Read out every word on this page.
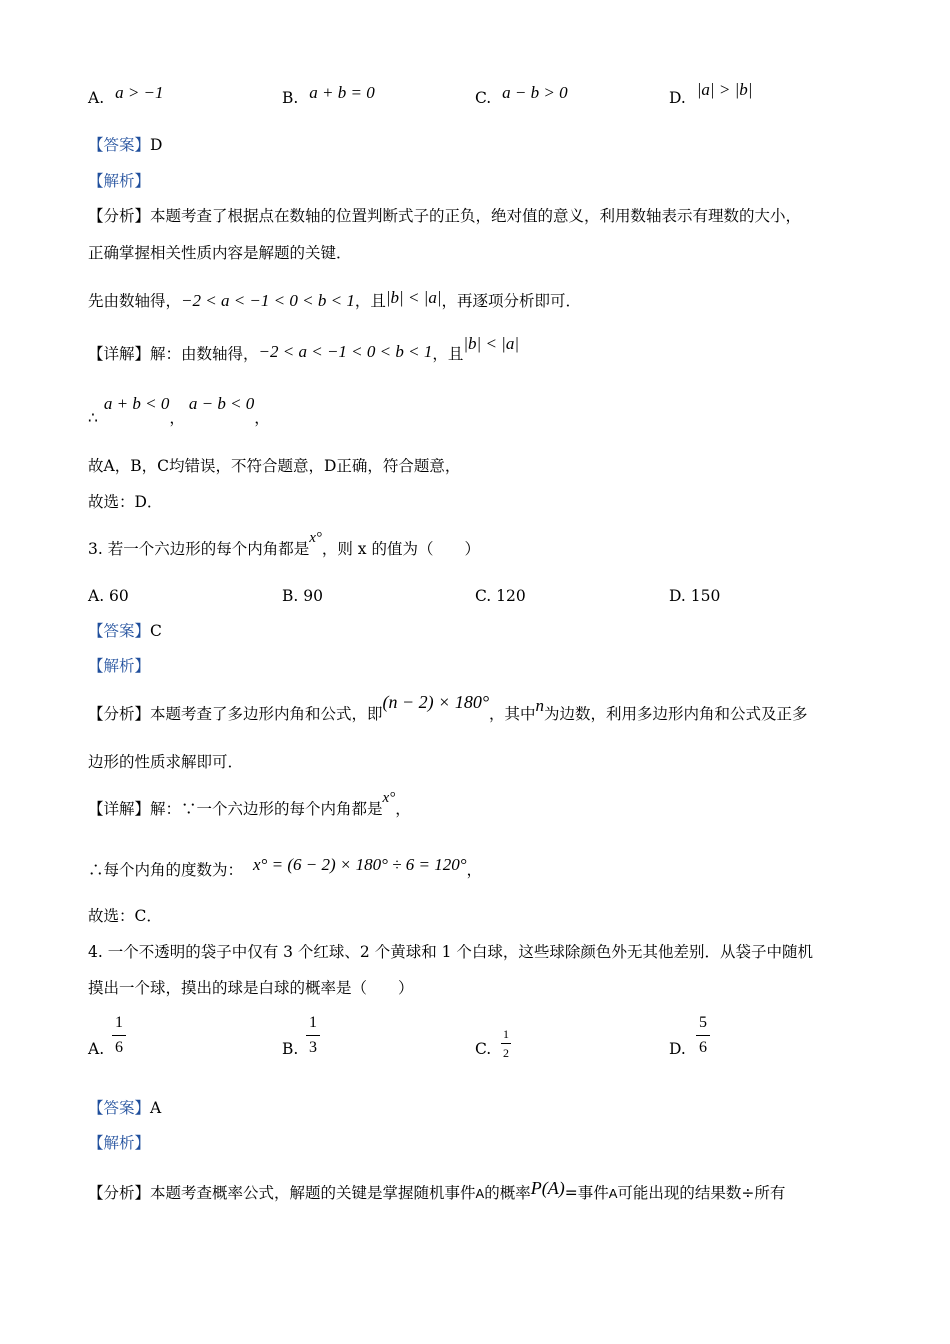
A. a > −1	B. a + b = 0	C. a − b > 0	D. |a| > |b|
【答案】D
【解析】
【分析】本题考查了根据点在数轴的位置判断式子的正负，绝对值的意义，利用数轴表示有理数的大小，
正确掌握相关性质内容是解题的关键．
先由数轴得，−2 < a < −1 < 0 < b < 1，且|b| < |a|，再逐项分析即可．
【详解】解：由数轴得，−2 < a < −1 < 0 < b < 1，且|b| < |a|
∴a + b < 0，a − b < 0，
故A，B，C均错误，不符合题意，D正确，符合题意，
故选：D．
3. 若一个六边形的每个内角都是x°，则 x 的值为（　　）
A. 60	B. 90	C. 120	D. 150
【答案】C
【解析】
【分析】本题考查了多边形内角和公式，即(n − 2) × 180°，其中n为边数，利用多边形内角和公式及正多
边形的性质求解即可．
【详解】解：∵一个六边形的每个内角都是x°，
∴每个内角的度数为： x° = (6 − 2) × 180° ÷ 6 = 120°，
故选：C．
4. 一个不透明的袋子中仅有 3 个红球、2 个黄球和 1 个白球，这些球除颜色外无其他差别．从袋子中随机
摸出一个球，摸出的球是白球的概率是（　　）
A.
1
6	B.
1
3	C.
1
2	D.
5
6
【答案】A
【解析】
【分析】本题考查概率公式，解题的关键是掌握随机事件A的概率P(A)=事件A可能出现的结果数÷所有
